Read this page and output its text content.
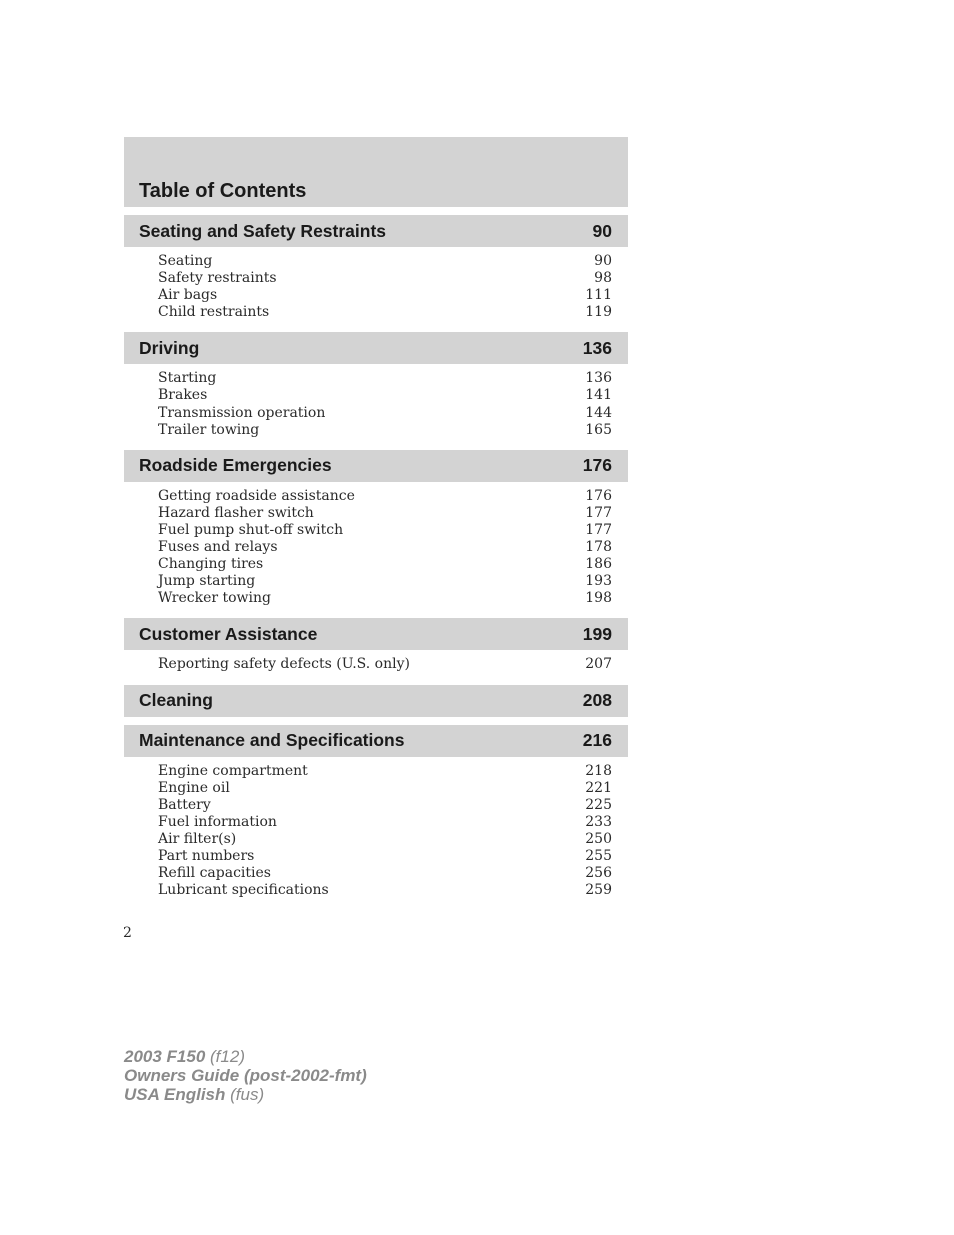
Table of Contents
Seating and Safety Restraints	90
Seating	90
Safety restraints	98
Air bags	111
Child restraints	119
Driving	136
Starting	136
Brakes	141
Transmission operation	144
Trailer towing	165
Roadside Emergencies	176
Getting roadside assistance	176
Hazard flasher switch	177
Fuel pump shut-off switch	177
Fuses and relays	178
Changing tires	186
Jump starting	193
Wrecker towing	198
Customer Assistance	199
Reporting safety defects (U.S. only)	207
Cleaning	208
Maintenance and Specifications	216
Engine compartment	218
Engine oil	221
Battery	225
Fuel information	233
Air filter(s)	250
Part numbers	255
Refill capacities	256
Lubricant specifications	259
2
2003 F150 (f12)
Owners Guide (post-2002-fmt)
USA English (fus)
